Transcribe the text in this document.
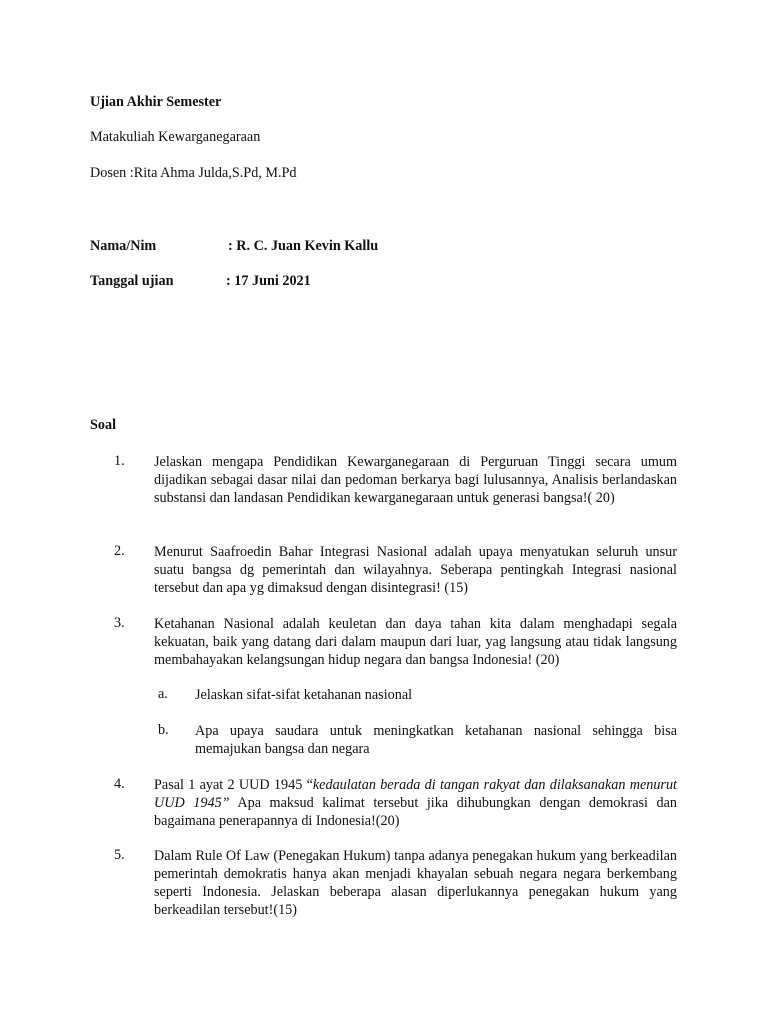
Ujian Akhir Semester
Matakuliah Kewarganegaraan
Dosen :Rita Ahma Julda,S.Pd, M.Pd
Nama/Nim	: R. C. Juan Kevin Kallu
Tanggal ujian	: 17 Juni 2021
Soal
1. Jelaskan mengapa Pendidikan Kewarganegaraan di Perguruan Tinggi secara umum dijadikan sebagai dasar nilai dan pedoman berkarya bagi lulusannya, Analisis berlandaskan substansi dan landasan Pendidikan kewarganegaraan untuk generasi bangsa!( 20)
2. Menurut Saafroedin Bahar Integrasi Nasional adalah upaya menyatukan seluruh unsur suatu bangsa dg pemerintah dan wilayahnya. Seberapa pentingkah Integrasi nasional tersebut dan apa yg dimaksud dengan disintegrasi! (15)
3. Ketahanan Nasional adalah keuletan dan daya tahan kita dalam menghadapi segala kekuatan, baik yang datang dari dalam maupun dari luar, yag langsung atau tidak langsung membahayakan kelangsungan hidup negara dan bangsa Indonesia! (20)
a. Jelaskan sifat-sifat ketahanan nasional
b. Apa upaya saudara untuk meningkatkan ketahanan nasional sehingga bisa memajukan bangsa dan negara
4. Pasal 1 ayat 2 UUD 1945 “kedaulatan berada di tangan rakyat dan dilaksanakan menurut UUD 1945” Apa maksud kalimat tersebut jika dihubungkan dengan demokrasi dan bagaimana penerapannya di Indonesia!(20)
5. Dalam Rule Of Law (Penegakan Hukum) tanpa adanya penegakan hukum yang berkeadilan pemerintah demokratis hanya akan menjadi khayalan sebuah negara negara berkembang seperti Indonesia. Jelaskan beberapa alasan diperlukannya penegakan hukum yang berkeadilan tersebut!(15)
